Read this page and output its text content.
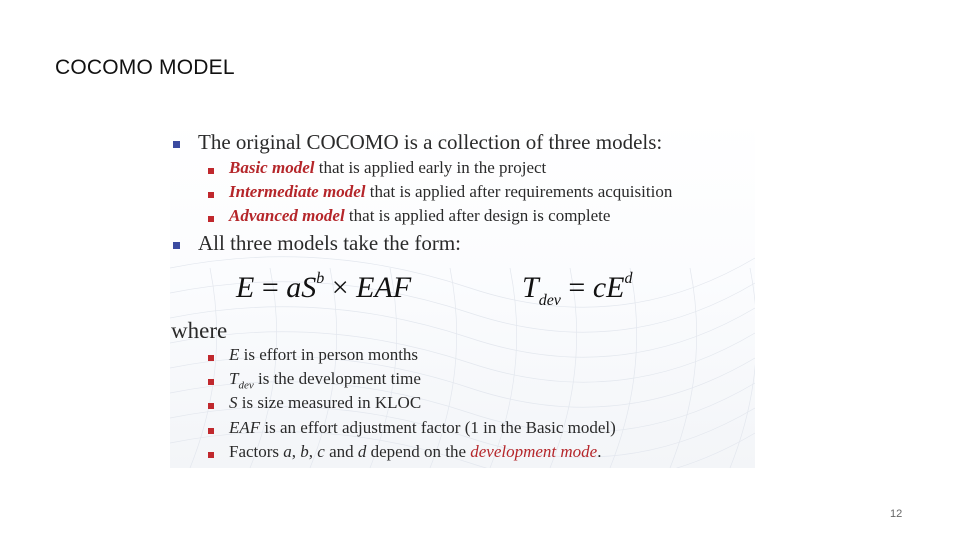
COCOMO MODEL
The original COCOMO is a collection of three models:
Basic model that is applied early in the project
Intermediate model that is applied after requirements acquisition
Advanced model that is applied after design is complete
All three models take the form:
$E = aS^b$ × EAF	$T_{dev} = cE^d$
where
E is effort in person months
$T_{dev}$ is the development time
S is size measured in KLOC
EAF is an effort adjustment factor (1 in the Basic model)
Factors a, b, c and d depend on the development mode.
12
